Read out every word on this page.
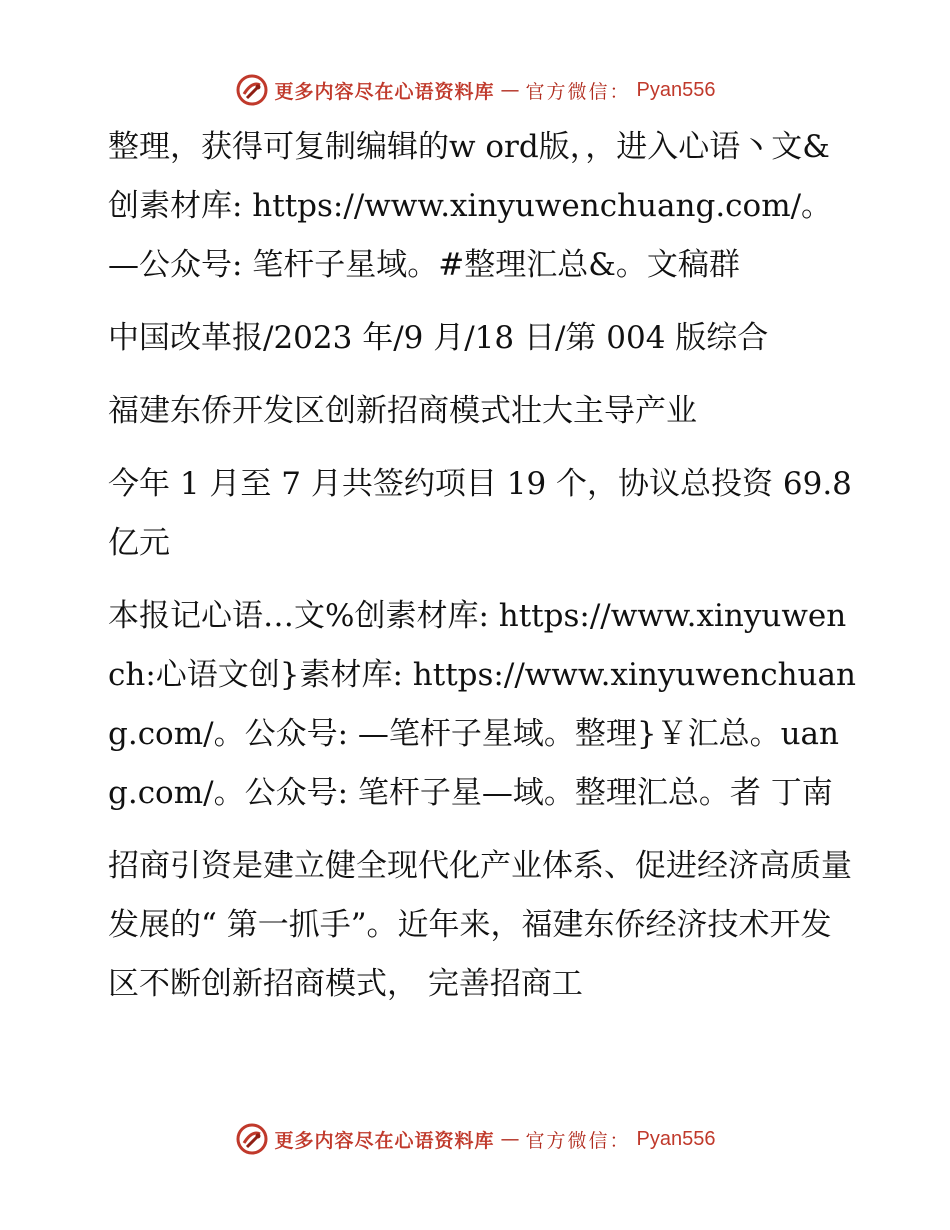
更多内容尽在心语资料库 — 官方微信： Pyan556

整理，获得可复制编辑的w ord版，，进入心语丶文&创素材库: https://www.xinyuwenchuang.com/。—公众号: 笔杆子星域。#整理汇总&。文稿群

中国改革报/2023 年/9 月/18 日/第 004 版综合

福建东侨开发区创新招商模式壮大主导产业

今年 1 月至 7 月共签约项目 19 个，协议总投资 69.8 亿元

本报记心语…文%创素材库: https://www.xinyuwench:心语文创}素材库: https://www.xinyuwenchuang.com/。公众号: —笔杆子星域。整理}￥汇总。uang.com/。公众号: 笔杆子星—域。整理汇总。者 丁南

招商引资是建立健全现代化产业体系、促进经济高质量发展的“ 第一抓手”。近年来，福建东侨经济技术开发区不断创新招商模式， 完善招商工

更多内容尽在心语资料库 — 官方微信： Pyan556
